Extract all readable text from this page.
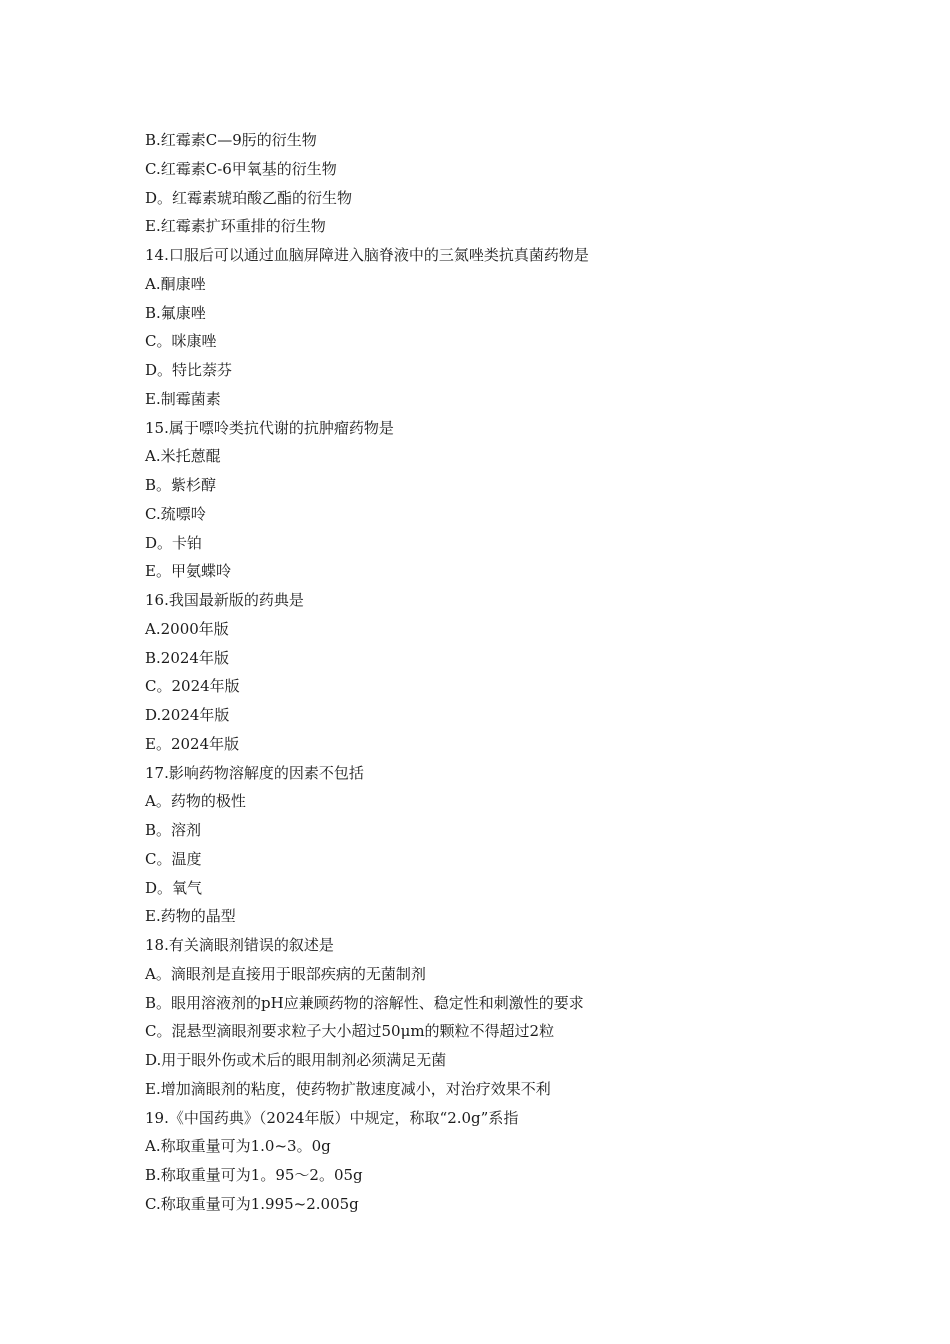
B.红霉素C—9肟的衍生物
C.红霉素C-6甲氧基的衍生物
D。红霉素琥珀酸乙酯的衍生物
E.红霉素扩环重排的衍生物
14.口服后可以通过血脑屏障进入脑脊液中的三氮唑类抗真菌药物是
A.酮康唑
B.氟康唑
C。咪康唑
D。特比萘芬
E.制霉菌素
15.属于嘌呤类抗代谢的抗肿瘤药物是
A.米托蒽醌
B。紫杉醇
C.巯嘌呤
D。卡铂
E。甲氨蝶呤
16.我国最新版的药典是
A.2000年版
B.2024年版
C。2024年版
D.2024年版
E。2024年版
17.影响药物溶解度的因素不包括
A。药物的极性
B。溶剂
C。温度
D。氧气
E.药物的晶型
18.有关滴眼剂错误的叙述是
A。滴眼剂是直接用于眼部疾病的无菌制剂
B。眼用溶液剂的pH应兼顾药物的溶解性、稳定性和刺激性的要求
C。混悬型滴眼剂要求粒子大小超过50μm的颗粒不得超过2粒
D.用于眼外伤或术后的眼用制剂必须满足无菌
E.增加滴眼剂的粘度，使药物扩散速度减小，对治疗效果不利
19.《中国药典》（2024年版）中规定，称取“2.0g”系指
A.称取重量可为1.0~3。0g
B.称取重量可为1。95～2。05g
C.称取重量可为1.995~2.005g
